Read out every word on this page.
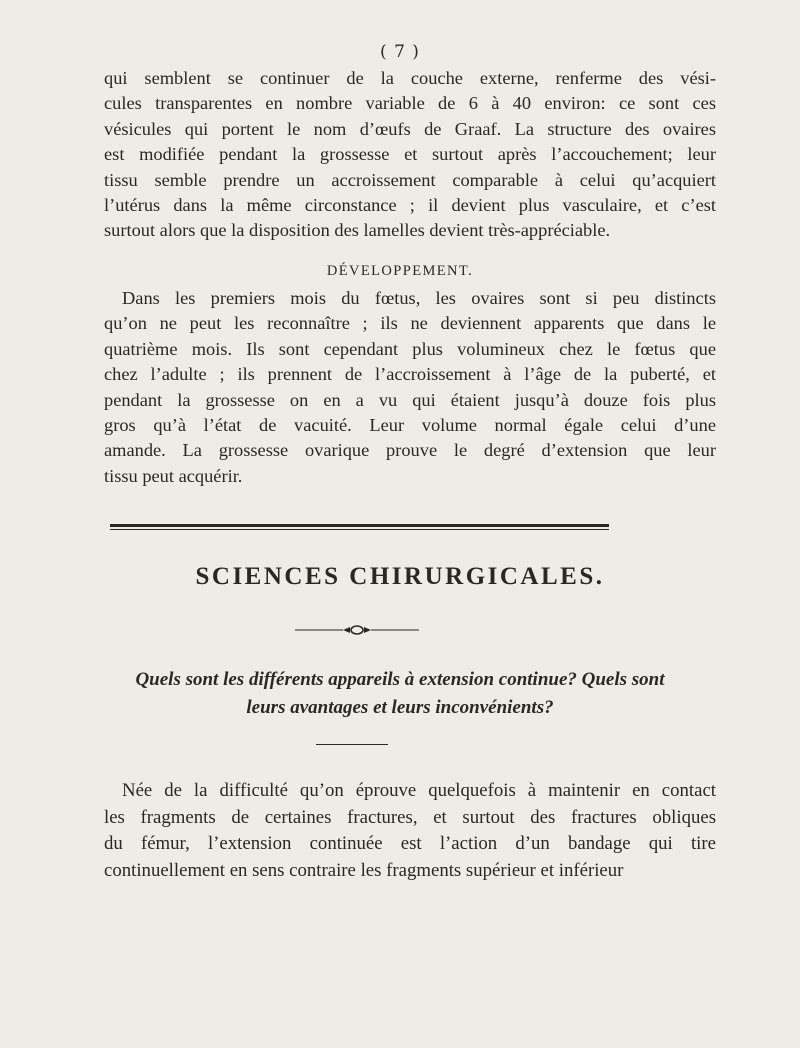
( 7 )

qui semblent se continuer de la couche externe, renferme des vési-

cules transparentes en nombre variable de 6 à 40 environ: ce sont ces

vésicules qui portent le nom d’œufs de Graaf. La structure des ovaires

est modifiée pendant la grossesse et surtout après l’accouchement; leur

tissu semble prendre un accroissement comparable à celui qu’acquiert

l’utérus dans la même circonstance ; il devient plus vasculaire, et c’est

surtout alors que la disposition des lamelles devient très-appréciable.

DÉVELOPPEMENT.

Dans les premiers mois du fœtus, les ovaires sont si peu distincts

qu’on ne peut les reconnaître ; ils ne deviennent apparents que dans le

quatrième mois. Ils sont cependant plus volumineux chez le fœtus que

chez l’adulte ; ils prennent de l’accroissement à l’âge de la puberté, et

pendant la grossesse on en a vu qui étaient jusqu’à douze fois plus

gros qu’à l’état de vacuité. Leur volume normal égale celui d’une

amande. La grossesse ovarique prouve le degré d’extension que leur

tissu peut acquérir.

SCIENCES CHIRURGICALES.
Quels sont les différents appareils à extension continue? Quels sont
leurs avantages et leurs inconvénients?

Née de la difficulté qu’on éprouve quelquefois à maintenir en contact

les fragments de certaines fractures, et surtout des fractures obliques

du fémur, l’extension continuée est l’action d’un bandage qui tire

continuellement en sens contraire les fragments supérieur et inférieur
